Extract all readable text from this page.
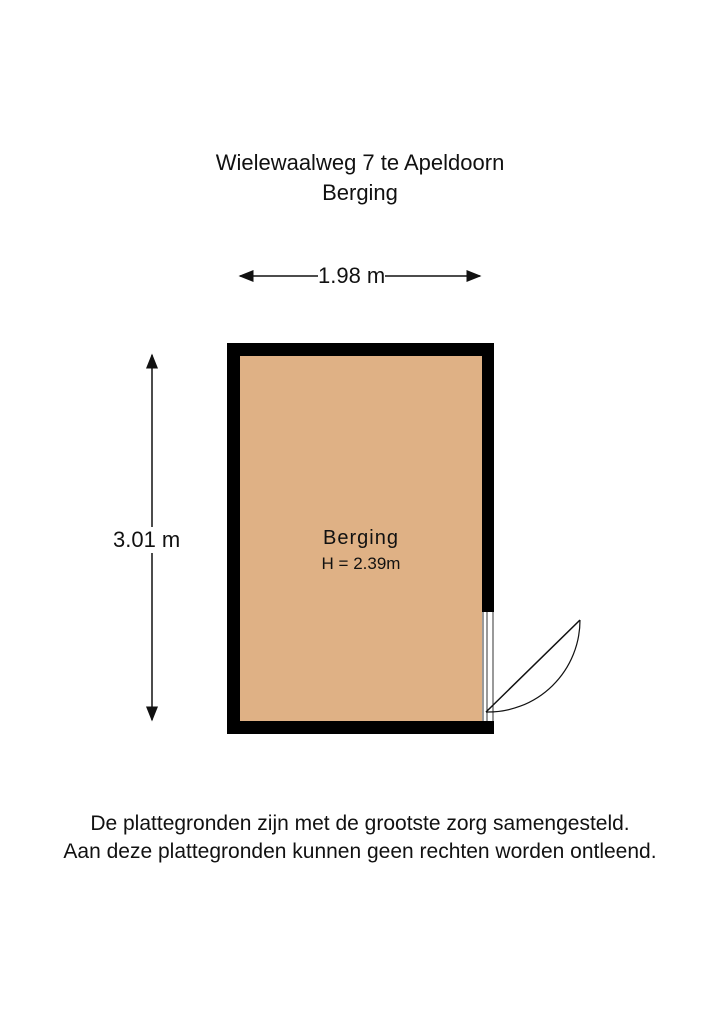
Wielewaalweg 7 te Apeldoorn
Berging
1.98 m
3.01 m	Berging
H = 2.39m
De plattegronden zijn met de grootste zorg samengesteld.
Aan deze plattegronden kunnen geen rechten worden ontleend.
